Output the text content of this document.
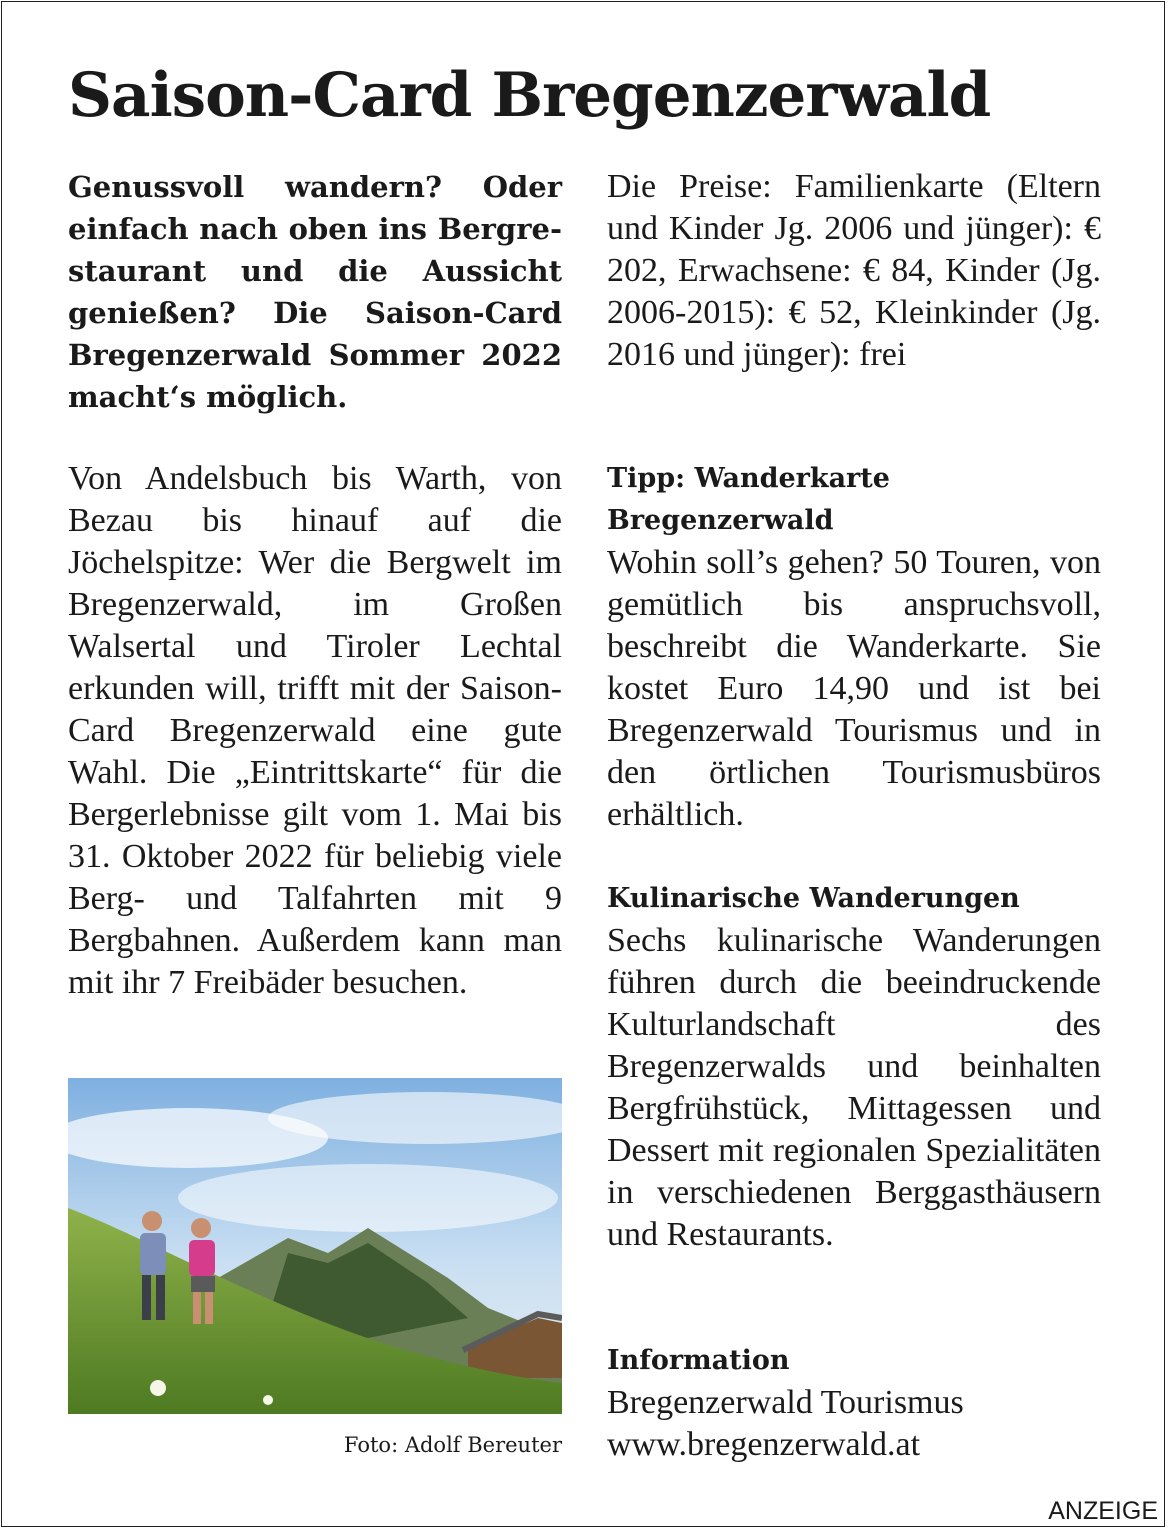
Saison-Card Bregenzerwald
Genussvoll wandern? Oder einfach nach oben ins Bergrestaurant und die Aussicht genießen? Die Saison-Card Bregenzerwald Sommer 2022 macht‘s möglich.
Von Andelsbuch bis Warth, von Bezau bis hinauf auf die Jöchelspitze: Wer die Bergwelt im Bregenzerwald, im Großen Walsertal und Tiroler Lechtal erkunden will, trifft mit der Saison-Card Bregenzerwald eine gute Wahl. Die „Eintrittskarte“ für die Bergerlebnisse gilt vom 1. Mai bis 31. Oktober 2022 für beliebig viele Berg- und Talfahrten mit 9 Bergbahnen. Außerdem kann man mit ihr 7 Freibäder besuchen.
Foto: Adolf Bereuter

Die Preise: Familienkarte (Eltern und Kinder Jg. 2006 und jünger): € 202, Erwachsene: € 84, Kinder (Jg. 2006-2015): € 52, Kleinkinder (Jg. 2016 und jünger): frei

Tipp: Wanderkarte

Bregenzerwald

Wohin soll’s gehen? 50 Touren, von gemütlich bis anspruchsvoll, beschreibt die Wanderkarte. Sie kostet Euro 14,90 und ist bei Bregenzerwald Tourismus und in den örtlichen Tourismusbüros erhältlich.

Kulinarische Wanderungen

Sechs kulinarische Wanderungen führen durch die beeindruckende Kulturlandschaft des Bregenzerwalds und beinhalten Bergfrühstück, Mittagessen und Dessert mit regionalen Spezialitäten in verschiedenen Berggasthäusern und Restaurants.

Information

Bregenzerwald Tourismus

www.bregenzerwald.at

ANZEIGE
